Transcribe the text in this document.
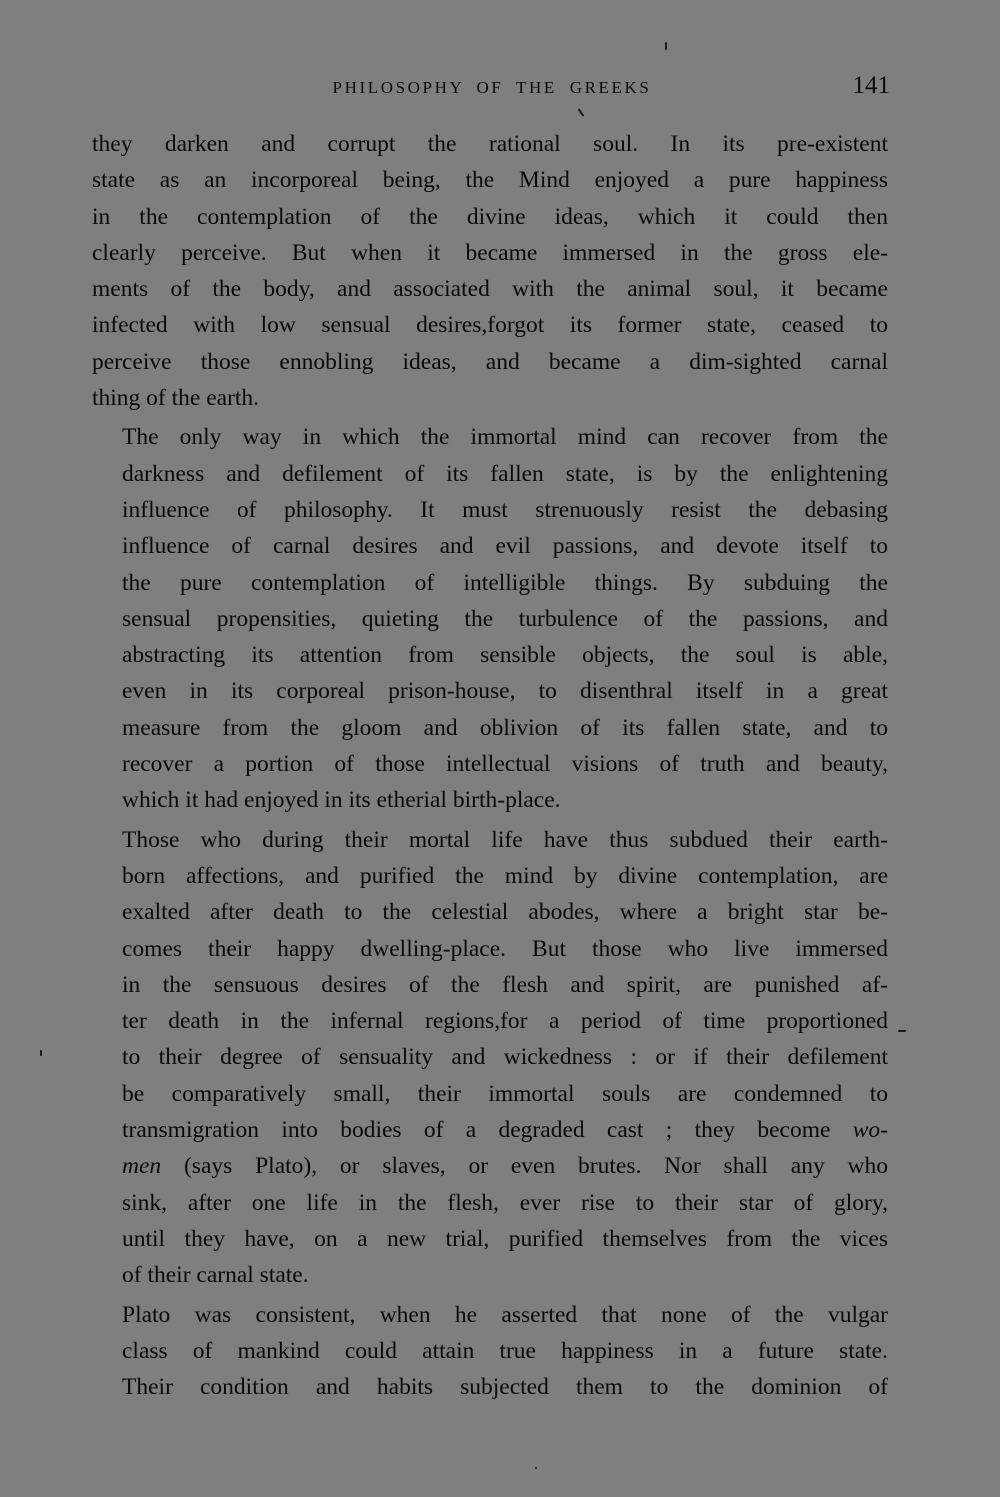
PHILOSOPHY OF THE GREEKS	141

they darken and corrupt the rational soul. In its pre-existent
state as an incorporeal being, the Mind enjoyed a pure happiness
in the contemplation of the divine ideas, which it could then
clearly perceive. But when it became immersed in the gross ele-
ments of the body, and associated with the animal soul, it became
infected with low sensual desires,forgot its former state, ceased to
perceive those ennobling ideas, and became a dim-sighted carnal
thing of the earth.

The only way in which the immortal mind can recover from the
darkness and defilement of its fallen state, is by the enlightening
influence of philosophy. It must strenuously resist the debasing
influence of carnal desires and evil passions, and devote itself to
the pure contemplation of intelligible things. By subduing the
sensual propensities, quieting the turbulence of the passions, and
abstracting its attention from sensible objects, the soul is able,
even in its corporeal prison-house, to disenthral itself in a great
measure from the gloom and oblivion of its fallen state, and to
recover a portion of those intellectual visions of truth and beauty,
which it had enjoyed in its etherial birth-place.

Those who during their mortal life have thus subdued their earth-
born affections, and purified the mind by divine contemplation, are
exalted after death to the celestial abodes, where a bright star be-
comes their happy dwelling-place. But those who live immersed
in the sensuous desires of the flesh and spirit, are punished af-
ter death in the infernal regions,for a period of time proportioned
to their degree of sensuality and wickedness : or if their defilement
be comparatively small, their immortal souls are condemned to
transmigration into bodies of a degraded cast ; they become wo-
men (says Plato), or slaves, or even brutes. Nor shall any who
sink, after one life in the flesh, ever rise to their star of glory,
until they have, on a new trial, purified themselves from the vices
of their carnal state.

Plato was consistent, when he asserted that none of the vulgar
class of mankind could attain true happiness in a future state.
Their condition and habits subjected them to the dominion of
